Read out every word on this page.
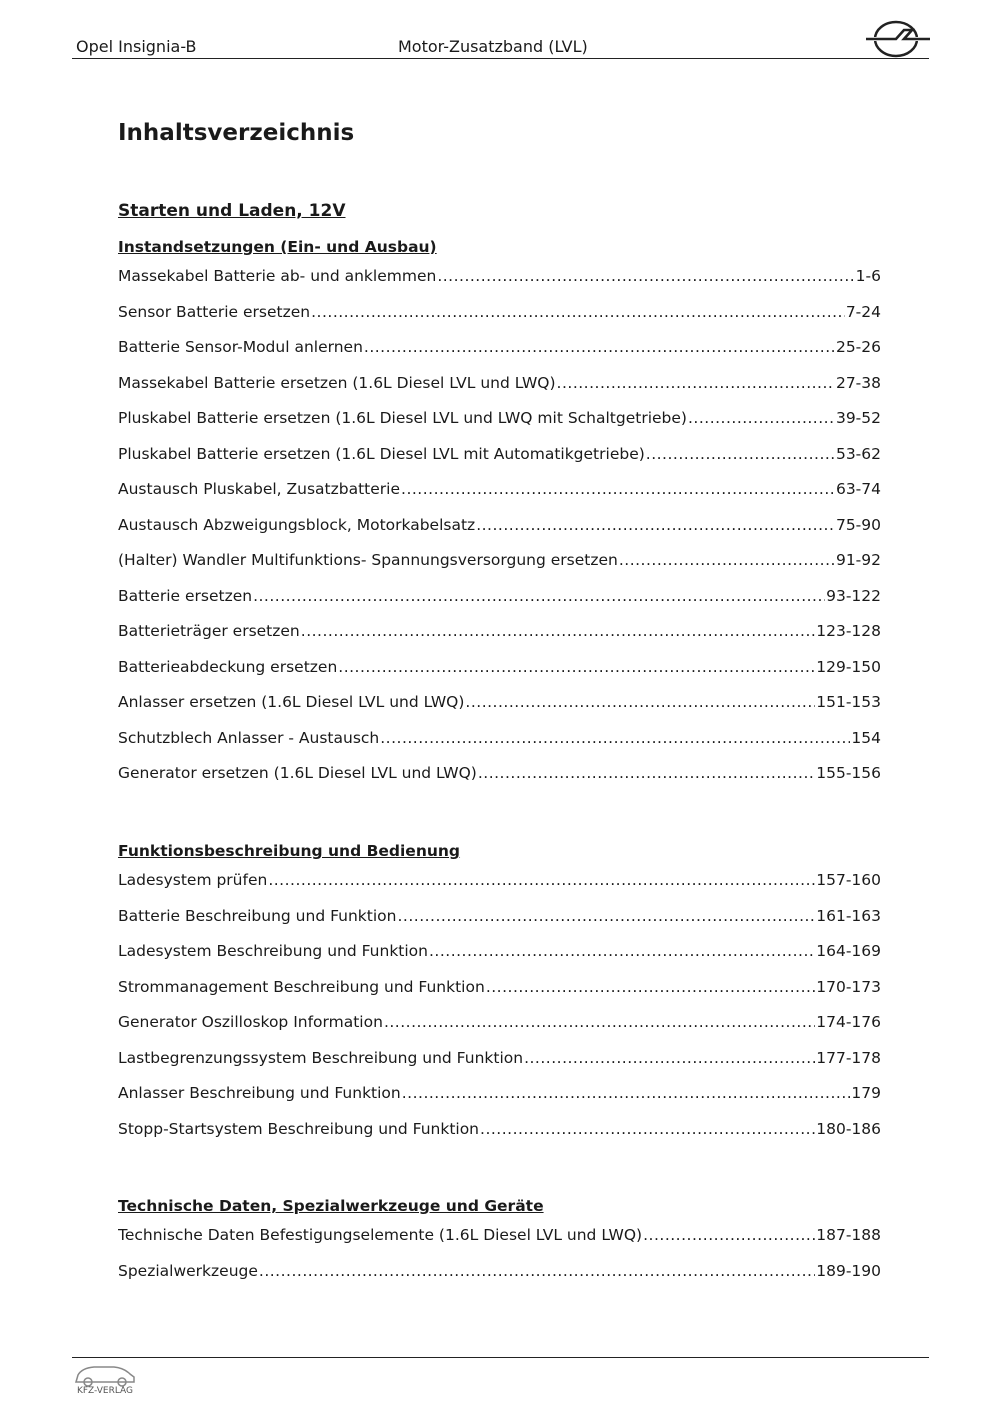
Opel Insignia-B	Motor-Zusatzband (LVL)
Inhaltsverzeichnis
Starten und Laden, 12V
Instandsetzungen (Ein- und Ausbau)
Massekabel Batterie ab- und anklemmen .....	1-6
Sensor Batterie ersetzen .....	7-24
Batterie Sensor-Modul anlernen .....	25-26
Massekabel Batterie ersetzen (1.6L Diesel LVL und LWQ) .....	27-38
Pluskabel Batterie ersetzen (1.6L Diesel LVL und LWQ mit Schaltgetriebe) .....	39-52
Pluskabel Batterie ersetzen (1.6L Diesel LVL mit Automatikgetriebe) .....	53-62
Austausch Pluskabel, Zusatzbatterie .....	63-74
Austausch Abzweigungsblock, Motorkabelsatz .....	75-90
(Halter) Wandler Multifunktions- Spannungsversorgung ersetzen .....	91-92
Batterie ersetzen .....	93-122
Batterieträger ersetzen .....	123-128
Batterieabdeckung ersetzen .....	129-150
Anlasser ersetzen (1.6L Diesel LVL und LWQ) .....	151-153
Schutzblech Anlasser - Austausch .....	154
Generator ersetzen (1.6L Diesel LVL und LWQ) .....	155-156
Funktionsbeschreibung und Bedienung
Ladesystem prüfen .....	157-160
Batterie Beschreibung und Funktion .....	161-163
Ladesystem Beschreibung und Funktion .....	164-169
Strommanagement Beschreibung und Funktion .....	170-173
Generator Oszilloskop Information .....	174-176
Lastbegrenzungssystem Beschreibung und Funktion .....	177-178
Anlasser Beschreibung und Funktion .....	179
Stopp-Startsystem Beschreibung und Funktion .....	180-186
Technische Daten, Spezialwerkzeuge und Geräte
Technische Daten Befestigungselemente (1.6L Diesel LVL und LWQ) .....	187-188
Spezialwerkzeuge .....	189-190
KFZ-VERLAG
